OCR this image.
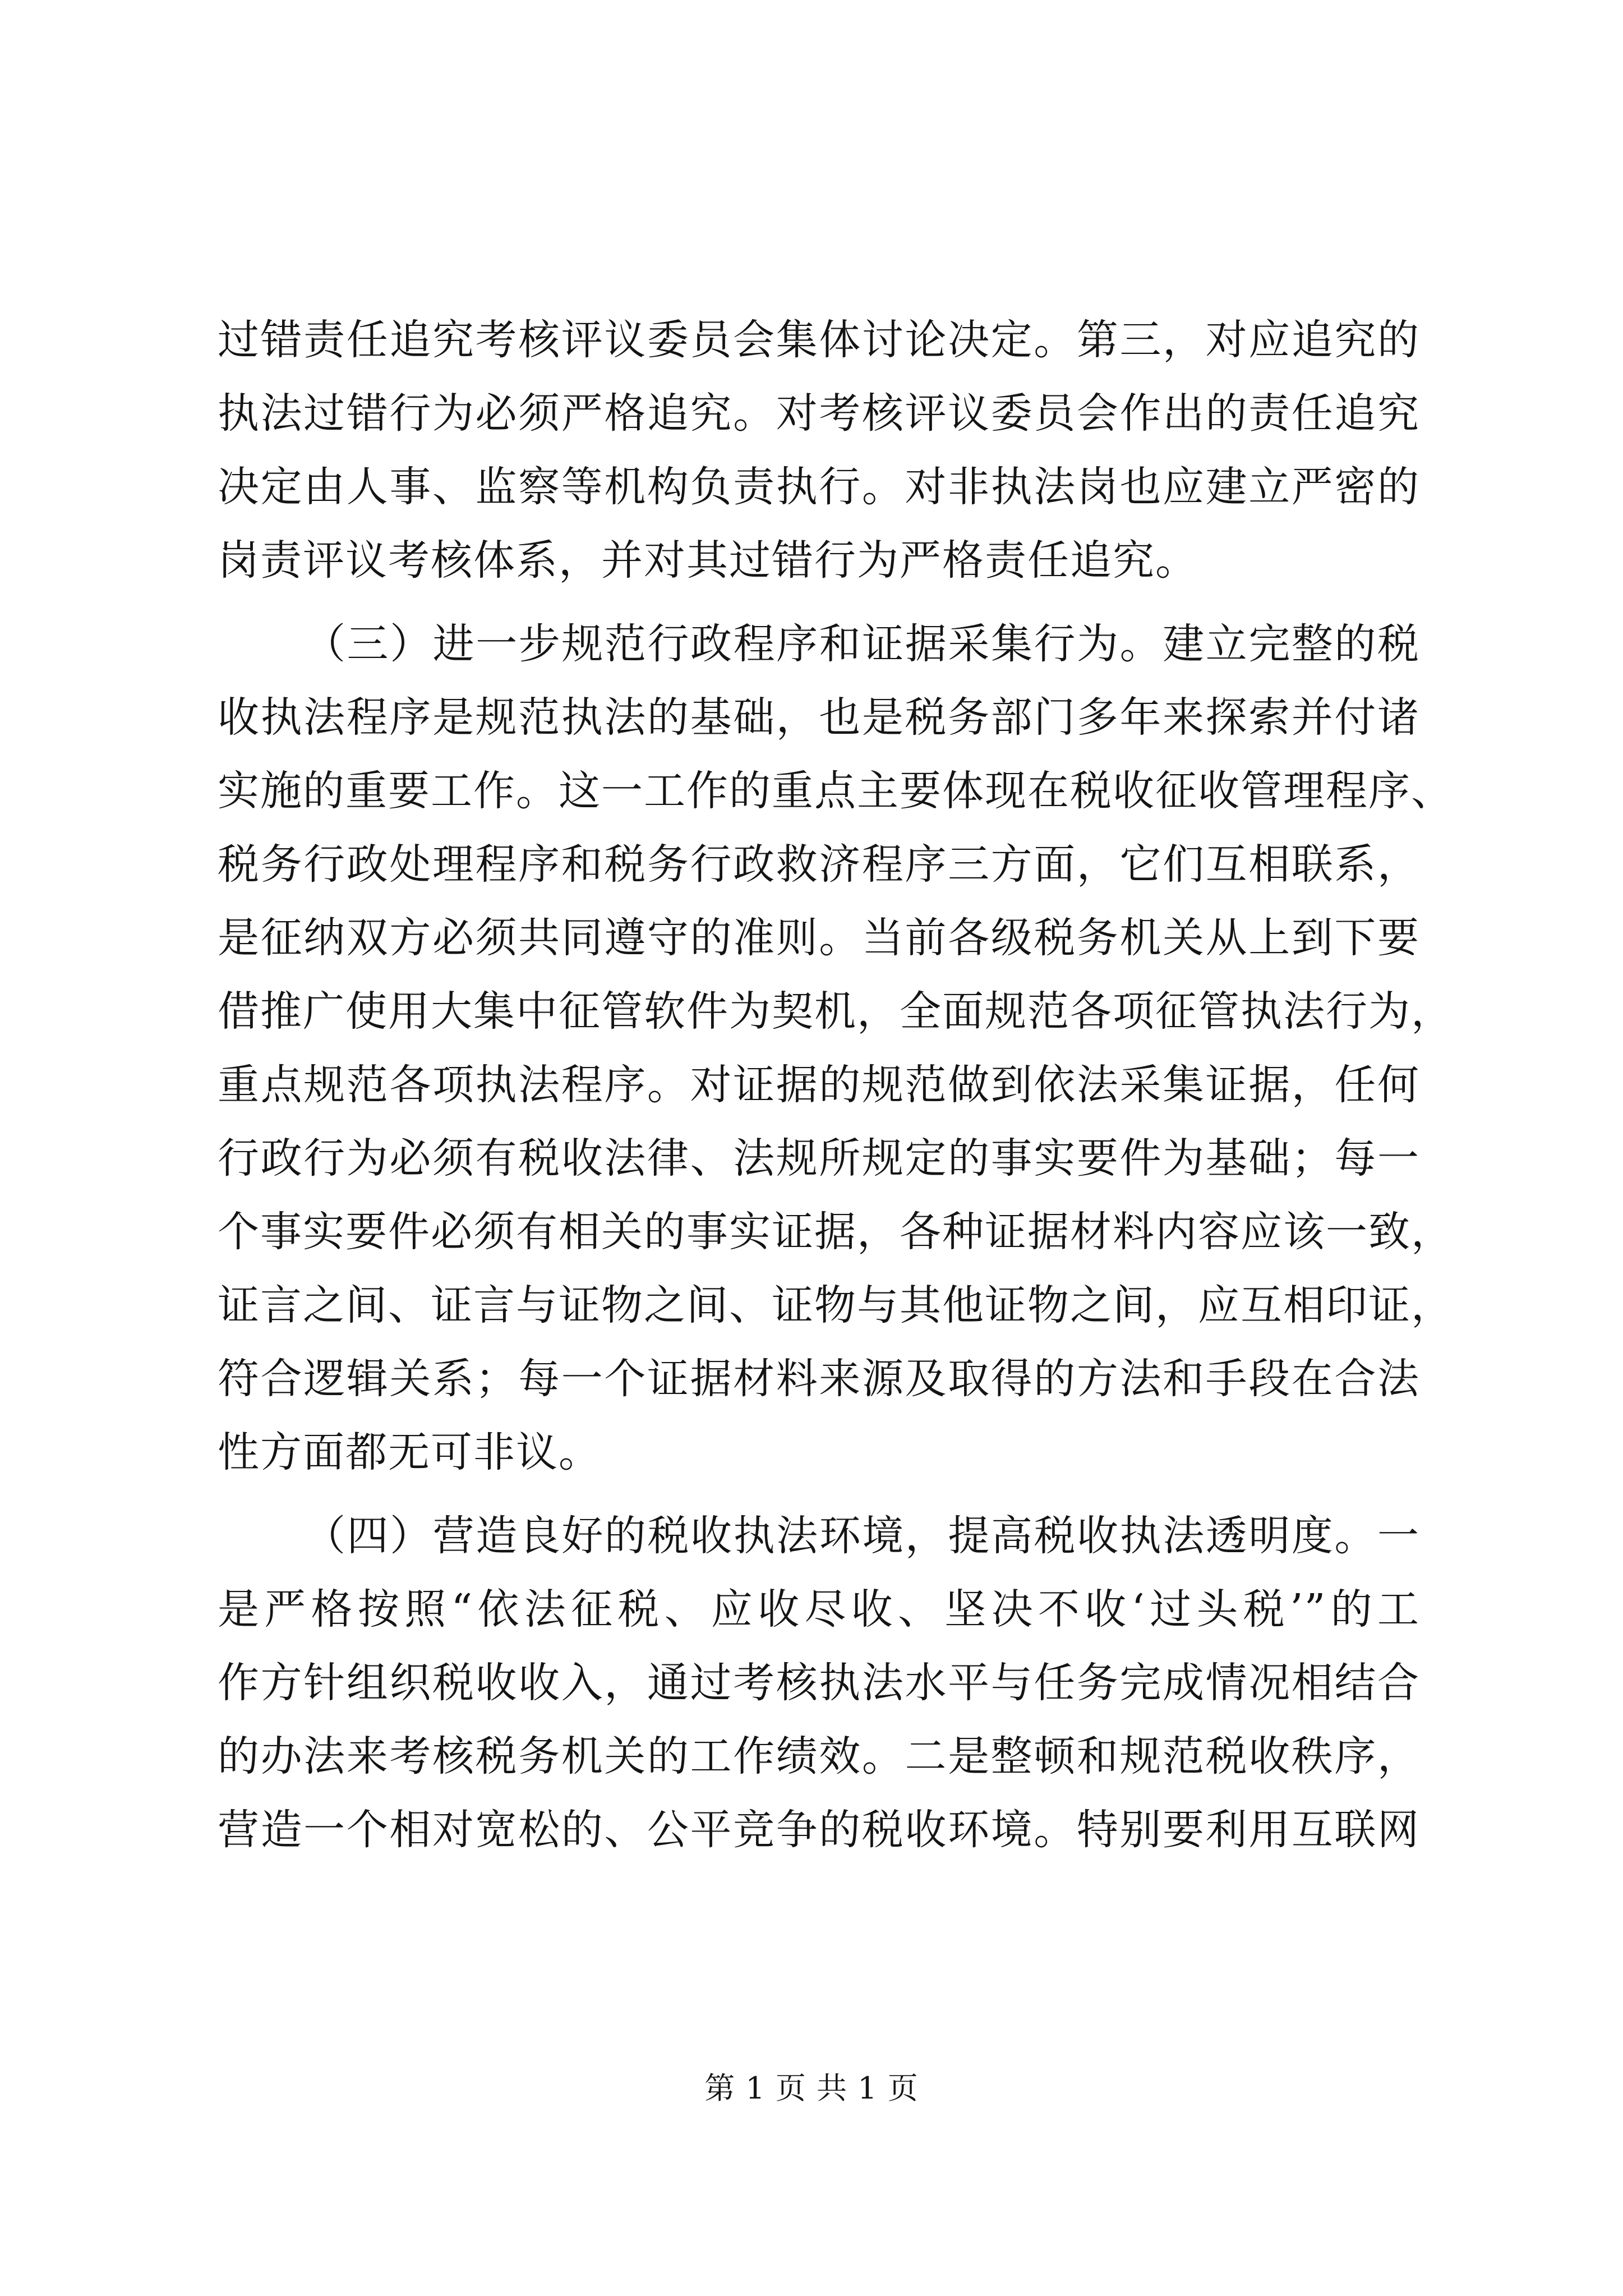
过错责任追究考核评议委员会集体讨论决定。第三，对应追究的
执法过错行为必须严格追究。对考核评议委员会作出的责任追究
决定由人事、监察等机构负责执行。对非执法岗也应建立严密的
岗责评议考核体系，并对其过错行为严格责任追究。
（三）进一步规范行政程序和证据采集行为。建立完整的税
收执法程序是规范执法的基础，也是税务部门多年来探索并付诸
实施的重要工作。这一工作的重点主要体现在税收征收管理程序、
税务行政处理程序和税务行政救济程序三方面，它们互相联系，
是征纳双方必须共同遵守的准则。当前各级税务机关从上到下要
借推广使用大集中征管软件为契机，全面规范各项征管执法行为，
重点规范各项执法程序。对证据的规范做到依法采集证据，任何
行政行为必须有税收法律、法规所规定的事实要件为基础；每一
个事实要件必须有相关的事实证据，各种证据材料内容应该一致，
证言之间、证言与证物之间、证物与其他证物之间，应互相印证，
符合逻辑关系；每一个证据材料来源及取得的方法和手段在合法
性方面都无可非议。
（四）营造良好的税收执法环境，提高税收执法透明度。一
是严格按照“依法征税、应收尽收、坚决不收‘过头税’”的工
作方针组织税收收入，通过考核执法水平与任务完成情况相结合
的办法来考核税务机关的工作绩效。二是整顿和规范税收秩序，
营造一个相对宽松的、公平竞争的税收环境。特别要利用互联网
第 1 页 共 1 页
